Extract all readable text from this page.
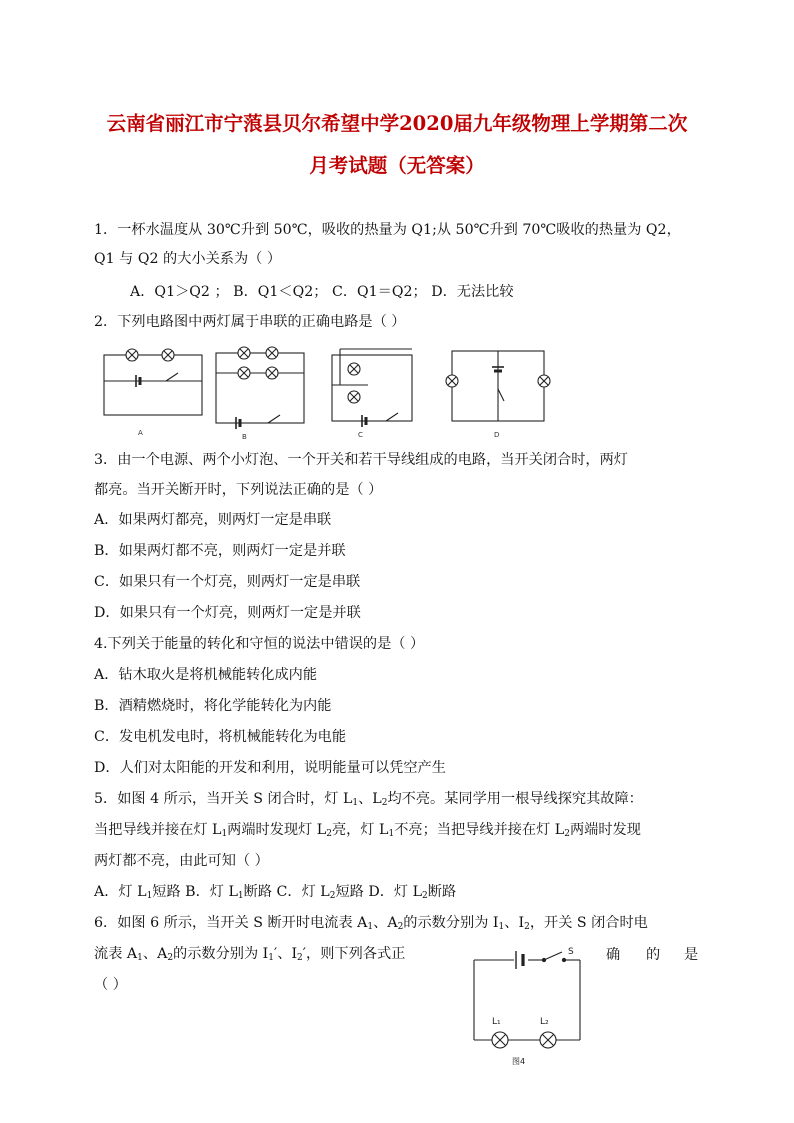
云南省丽江市宁蒗县贝尔希望中学2020届九年级物理上学期第二次
月考试题（无答案）
1．一杯水温度从 30℃升到 50℃，吸收的热量为 Q1;从 50℃升到 70℃吸收的热量为 Q2，
Q1 与 Q2 的大小关系为（ ）
A．Q1＞Q2 ； B．Q1＜Q2； C．Q1＝Q2； D．无法比较
2．下列电路图中两灯属于串联的正确电路是（ ）
A	B	C	D
3．由一个电源、两个小灯泡、一个开关和若干导线组成的电路，当开关闭合时，两灯
都亮。当开关断开时，下列说法正确的是（ ）
A．如果两灯都亮，则两灯一定是串联
B．如果两灯都不亮，则两灯一定是并联
C．如果只有一个灯亮，则两灯一定是串联
D．如果只有一个灯亮，则两灯一定是并联
4.下列关于能量的转化和守恒的说法中错误的是（ ）
A．钻木取火是将机械能转化成内能
B．酒精燃烧时，将化学能转化为内能
C．发电机发电时，将机械能转化为电能
D．人们对太阳能的开发和利用，说明能量可以凭空产生
5．如图 4 所示，当开关 S 闭合时，灯 $L_1$、$L_2$均不亮。某同学用一根导线探究其故障：
当把导线并接在灯 $L_1$两端时发现灯 $L_2$亮，灯 $L_1$不亮；当把导线并接在灯 $L_2$两端时发现
两灯都不亮，由此可知（ ）
A．灯 $L_1$短路 B．灯 $L_1$断路 C．灯 $L_2$短路 D．灯 $L_2$断路
6．如图 6 所示，当开关 S 断开时电流表 $A_1$、$A_2$的示数分别为 $I_1$、$I_2$，开关 S 闭合时电
流表 $A_1$、$A_2$的示数分别为 $I_1'$、$I_2'$，则下列各式正	确 的 是
（ ）
S
L₁	L₂
图4
